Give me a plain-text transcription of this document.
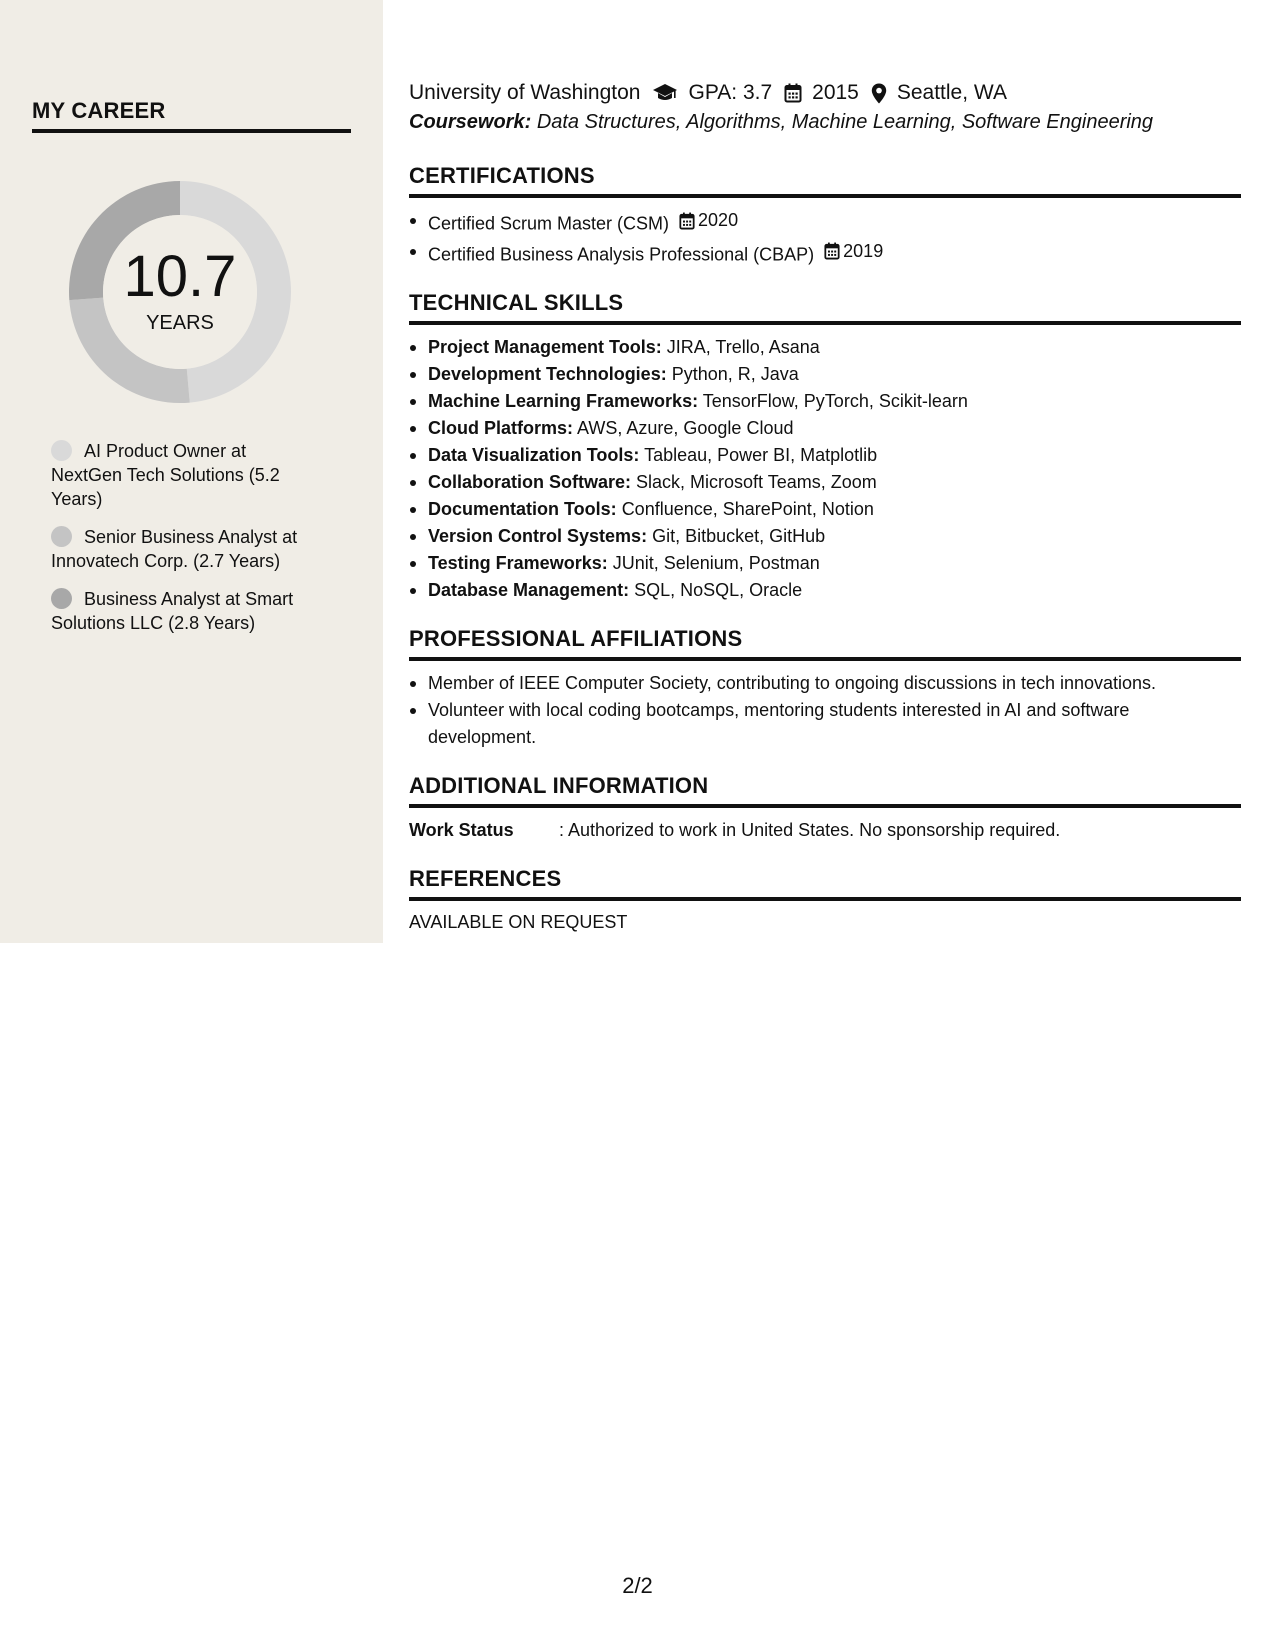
MY CAREER
10.7
YEARS
AI Product Owner at NextGen Tech Solutions (5.2 Years)
Senior Business Analyst at Innovatech Corp. (2.7 Years)
Business Analyst at Smart Solutions LLC (2.8 Years)
University of Washington GPA: 3.7 2015 Seattle, WA
Coursework: Data Structures, Algorithms, Machine Learning, Software Engineering
CERTIFICATIONS
Certified Scrum Master (CSM) 2020
Certified Business Analysis Professional (CBAP) 2019
TECHNICAL SKILLS
Project Management Tools: JIRA, Trello, Asana
Development Technologies: Python, R, Java
Machine Learning Frameworks: TensorFlow, PyTorch, Scikit-learn
Cloud Platforms: AWS, Azure, Google Cloud
Data Visualization Tools: Tableau, Power BI, Matplotlib
Collaboration Software: Slack, Microsoft Teams, Zoom
Documentation Tools: Confluence, SharePoint, Notion
Version Control Systems: Git, Bitbucket, GitHub
Testing Frameworks: JUnit, Selenium, Postman
Database Management: SQL, NoSQL, Oracle
PROFESSIONAL AFFILIATIONS
Member of IEEE Computer Society, contributing to ongoing discussions in tech innovations.
Volunteer with local coding bootcamps, mentoring students interested in AI and software development.
ADDITIONAL INFORMATION
Work Status	: Authorized to work in United States. No sponsorship required.
REFERENCES
AVAILABLE ON REQUEST
2/2
